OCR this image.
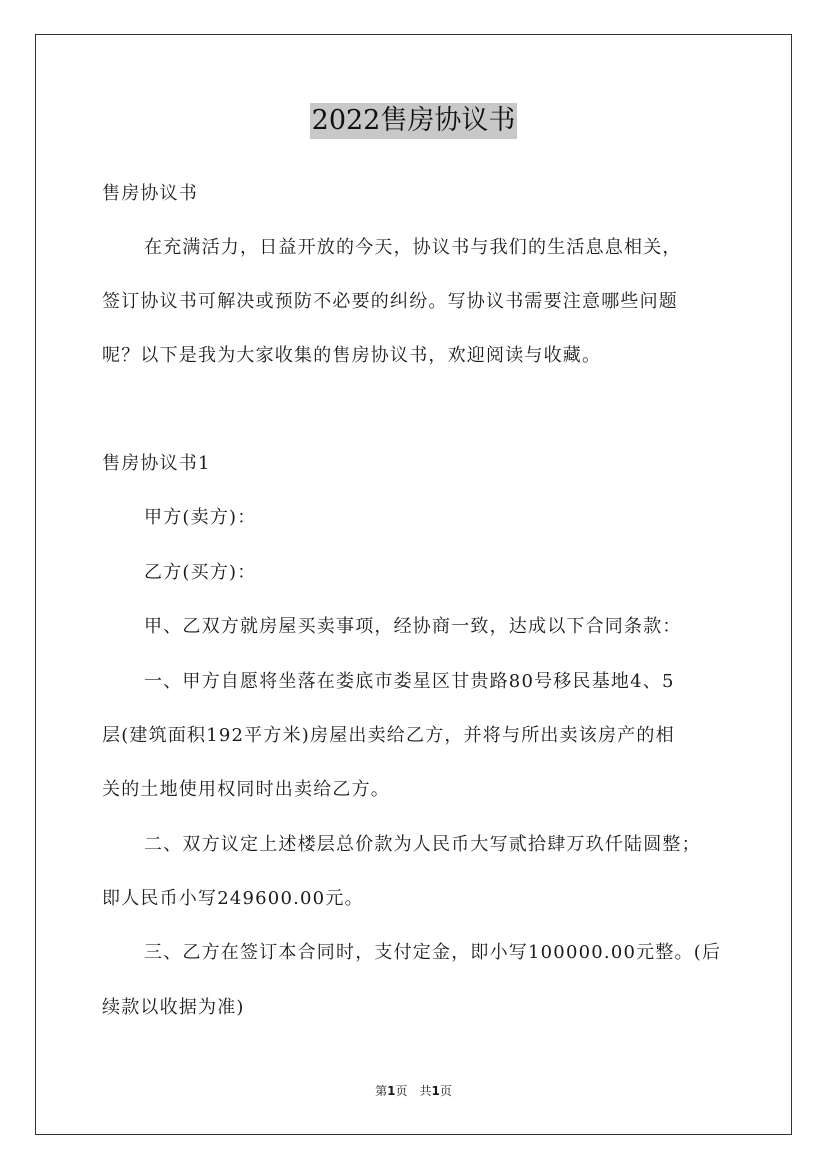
2022售房协议书
售房协议书
在充满活力，日益开放的今天，协议书与我们的生活息息相关，
签订协议书可解决或预防不必要的纠纷。写协议书需要注意哪些问题
呢？以下是我为大家收集的售房协议书，欢迎阅读与收藏。
售房协议书1
甲方(卖方)：
乙方(买方)：
甲、乙双方就房屋买卖事项，经协商一致，达成以下合同条款：
一、甲方自愿将坐落在娄底市娄星区甘贵路80号移民基地4、5
层(建筑面积192平方米)房屋出卖给乙方，并将与所出卖该房产的相
关的土地使用权同时出卖给乙方。
二、双方议定上述楼层总价款为人民币大写贰拾肆万玖仟陆圆整；
即人民币小写249600.00元。
三、乙方在签订本合同时，支付定金，即小写100000.00元整。(后
续款以收据为准)
第1页　共1页
